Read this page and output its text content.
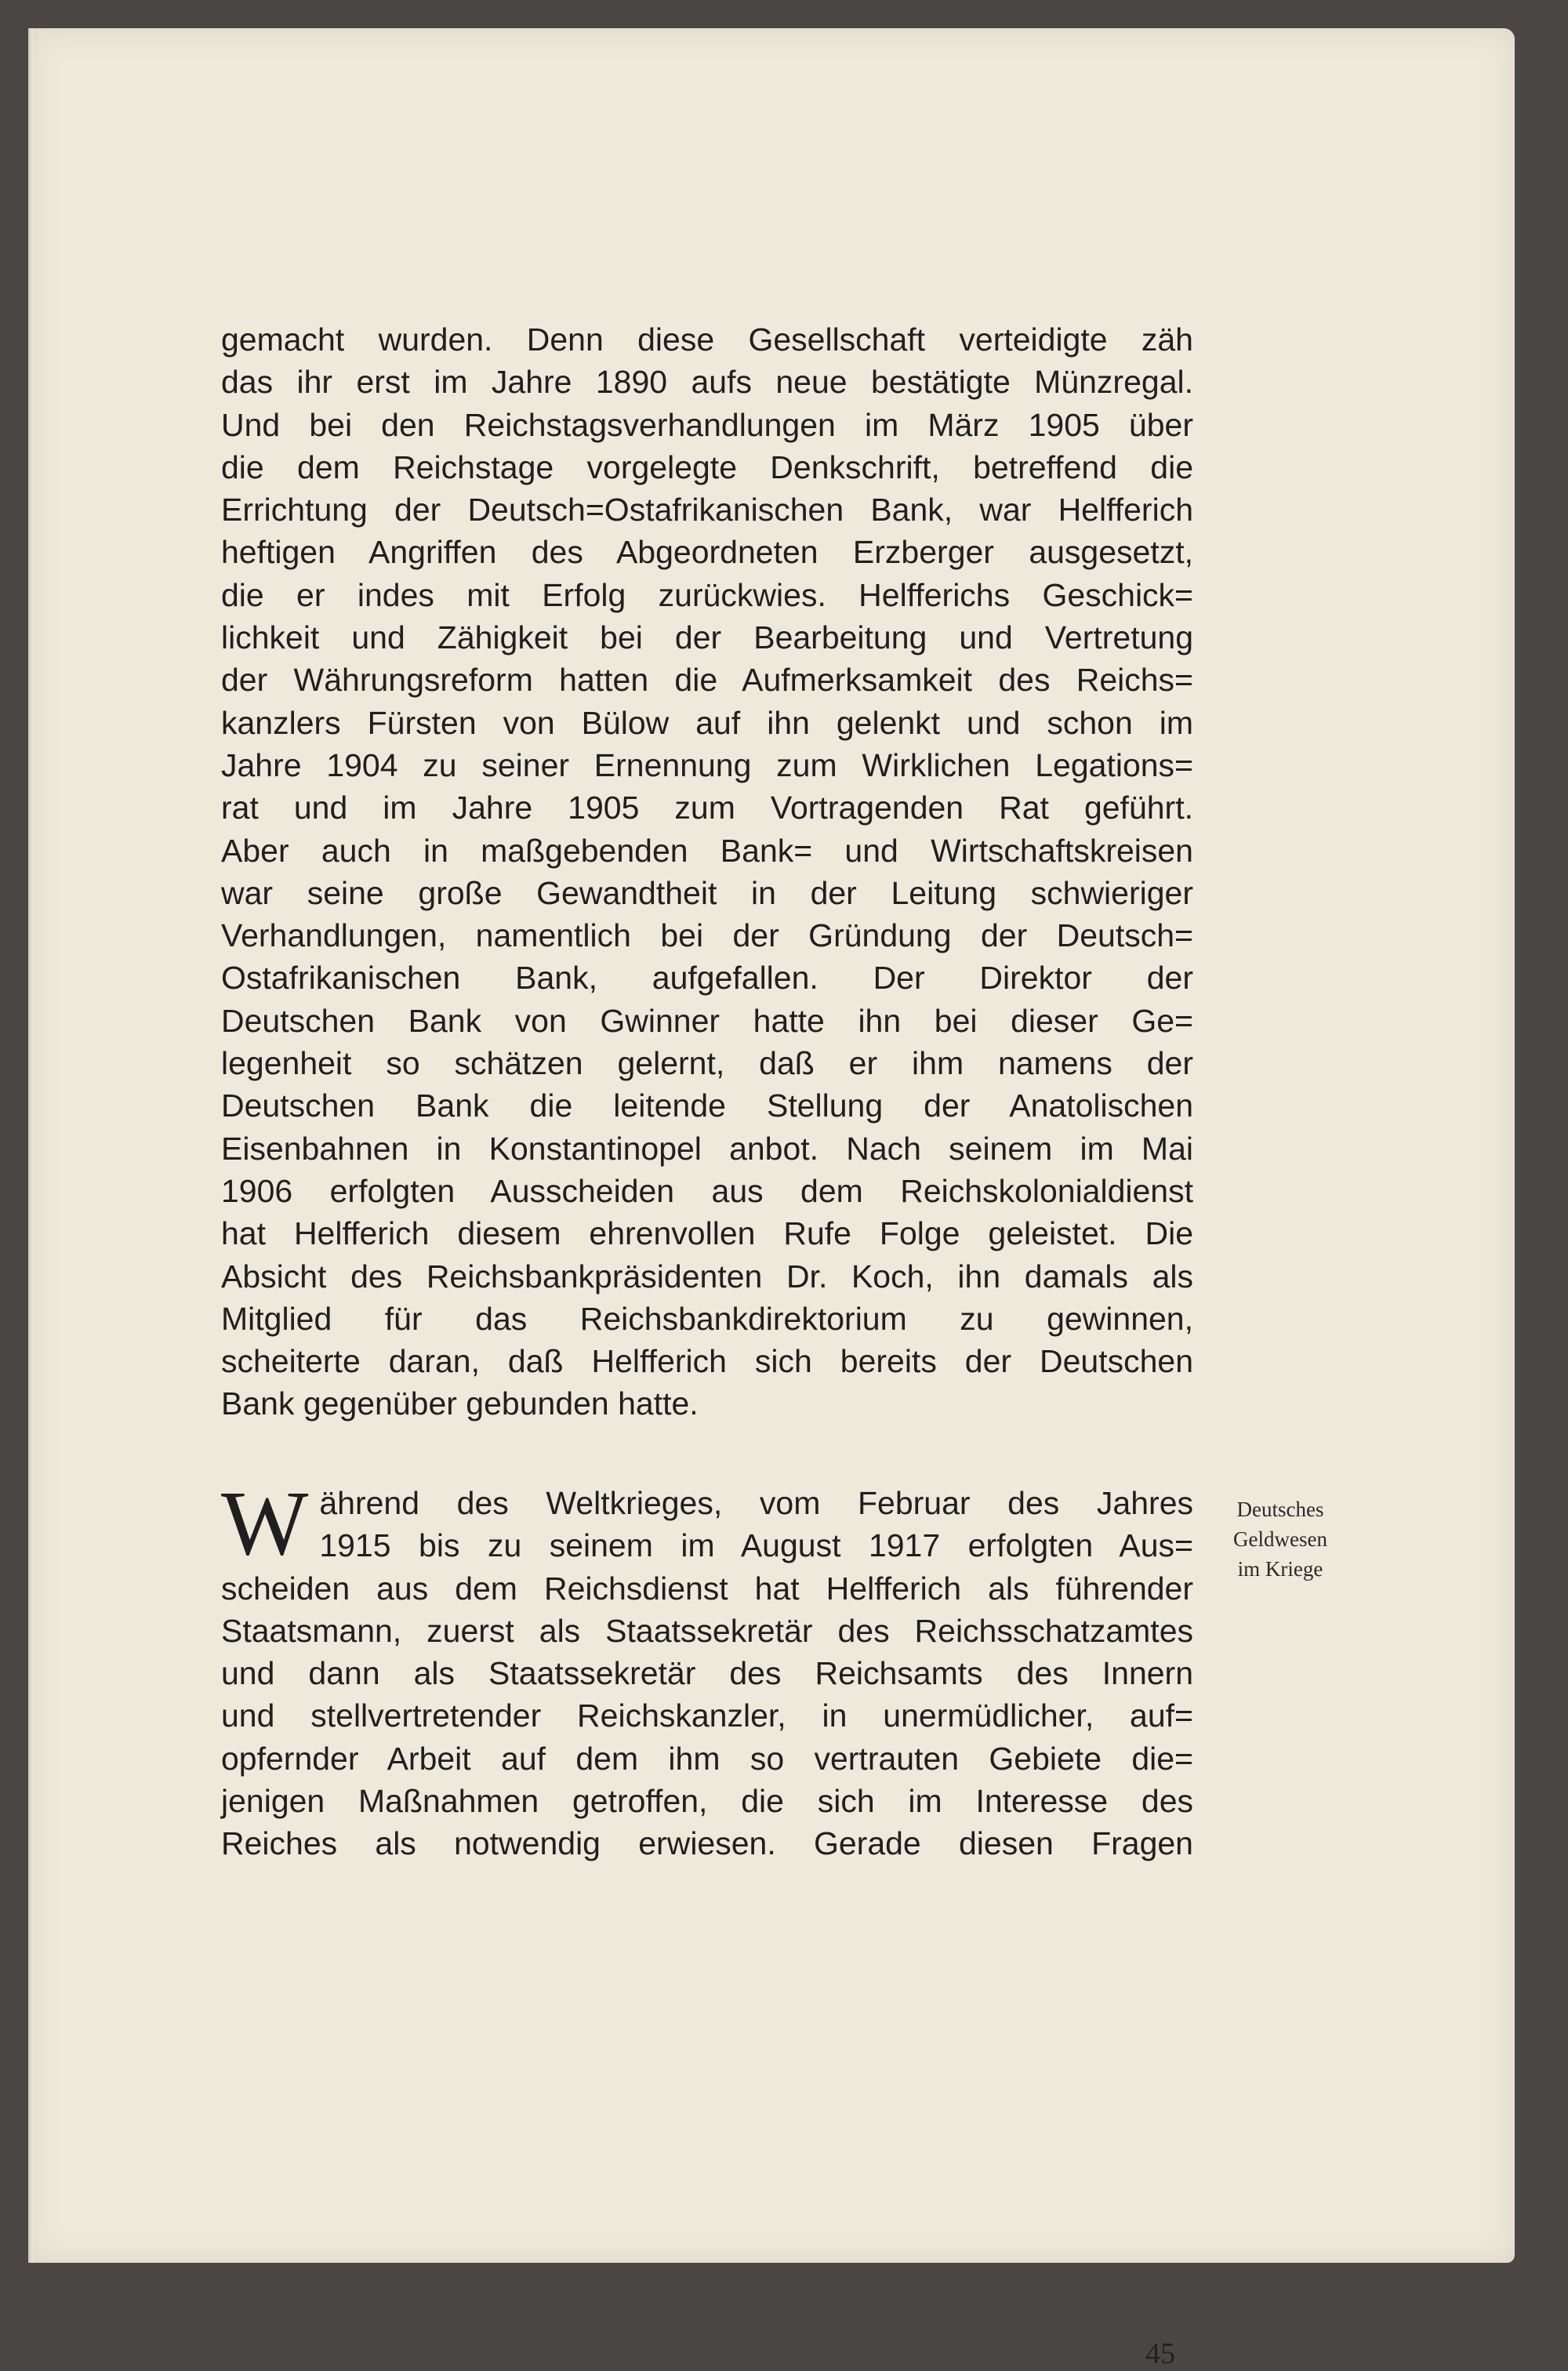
gemacht wurden. Denn diese Gesellschaft verteidigte zäh
das ihr erst im Jahre 1890 aufs neue bestätigte Münzregal.
Und bei den Reichstagsverhandlungen im März 1905 über
die dem Reichstage vorgelegte Denkschrift, betreffend die
Errichtung der Deutsch=Ostafrikanischen Bank, war Helfferich
heftigen Angriffen des Abgeordneten Erzberger ausgesetzt,
die er indes mit Erfolg zurückwies. Helfferichs Geschick=
lichkeit und Zähigkeit bei der Bearbeitung und Vertretung
der Währungsreform hatten die Aufmerksamkeit des Reichs=
kanzlers Fürsten von Bülow auf ihn gelenkt und schon im
Jahre 1904 zu seiner Ernennung zum Wirklichen Legations=
rat und im Jahre 1905 zum Vortragenden Rat geführt.
Aber auch in maßgebenden Bank= und Wirtschaftskreisen
war seine große Gewandtheit in der Leitung schwieriger
Verhandlungen, namentlich bei der Gründung der Deutsch=
Ostafrikanischen Bank, aufgefallen. Der Direktor der
Deutschen Bank von Gwinner hatte ihn bei dieser Ge=
legenheit so schätzen gelernt, daß er ihm namens der
Deutschen Bank die leitende Stellung der Anatolischen
Eisenbahnen in Konstantinopel anbot. Nach seinem im Mai
1906 erfolgten Ausscheiden aus dem Reichskolonialdienst
hat Helfferich diesem ehrenvollen Rufe Folge geleistet. Die
Absicht des Reichsbankpräsidenten Dr. Koch, ihn damals als
Mitglied für das Reichsbankdirektorium zu gewinnen,
scheiterte daran, daß Helfferich sich bereits der Deutschen
Bank gegenüber gebunden hatte.
W ährend des Weltkrieges, vom Februar des Jahres
1915 bis zu seinem im August 1917 erfolgten Aus=
scheiden aus dem Reichsdienst hat Helfferich als führender
Staatsmann, zuerst als Staatssekretär des Reichsschatzamtes
und dann als Staatssekretär des Reichsamts des Innern
und stellvertretender Reichskanzler, in unermüdlicher, auf=
opfernder Arbeit auf dem ihm so vertrauten Gebiete die=
jenigen Maßnahmen getroffen, die sich im Interesse des
Reiches als notwendig erwiesen. Gerade diesen Fragen
Deutsches
Geldwesen
im Kriege
45
